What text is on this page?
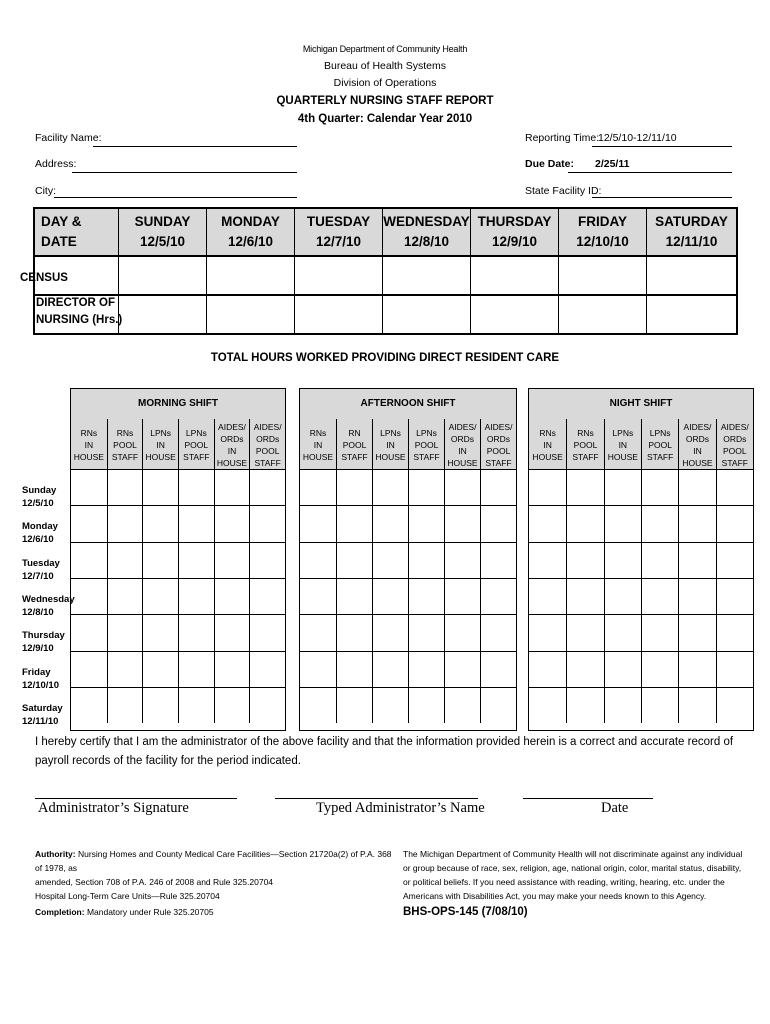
Michigan Department of Community Health
Bureau of Health Systems
Division of Operations
QUARTERLY NURSING STAFF REPORT
4th Quarter: Calendar Year 2010
Facility Name:
Address:
City:
Reporting Time:
12/5/10-12/11/10
Due Date: 2/25/11
State Facility ID:
DAY & DATE
SUNDAY
12/5/10
MONDAY
12/6/10
TUESDAY
12/7/10
WEDNESDAY
12/8/10
THURSDAY
12/9/10
FRIDAY
12/10/10
SATURDAY
12/11/10
CENSUS
DIRECTOR OF
NURSING (Hrs.)
TOTAL HOURS WORKED PROVIDING DIRECT RESIDENT CARE
MORNING SHIFT
RNs
IN
HOUSE
RNs
POOL
STAFF
LPNs
IN
HOUSE
LPNs
POOL
STAFF
AIDES/
ORDs
IN
HOUSE
AIDES/
ORDs
POOL
STAFF
AFTERNOON SHIFT
RNs
IN
HOUSE
RN
POOL
STAFF
LPNs
IN
HOUSE
LPNs
POOL
STAFF
AIDES/
ORDs
IN
HOUSE
AIDES/
ORDs
POOL
STAFF
NIGHT SHIFT
RNs
IN
HOUSE
RNs
POOL
STAFF
LPNs
IN
HOUSE
LPNs
POOL
STAFF
AIDES/
ORDs
IN
HOUSE
AIDES/
ORDs
POOL
STAFF
Sunday
12/5/10
Monday
12/6/10
Tuesday
12/7/10
Wednesday
12/8/10
Thursday
12/9/10
Friday
12/10/10
Saturday
12/11/10
I hereby certify that I am the administrator of the above facility and that the information provided herein is a correct and accurate record of payroll records of the facility for the period indicated.
Administrator’s Signature	Typed Administrator’s Name	Date
Authority: Nursing Homes and County Medical Care Facilities—Section 21720a(2) of P.A. 368 of 1978, as
amended, Section 708 of P.A. 246 of 2008 and Rule 325.20704
Hospital Long-Term Care Units—Rule 325.20704
Completion: Mandatory under Rule 325.20705
The Michigan Department of Community Health will not discriminate against any individual
or group because of race, sex, religion, age, national origin, color, marital status, disability,
or political beliefs. If you need assistance with reading, writing, hearing, etc. under the
Americans with Disabilities Act, you may make your needs known to this Agency.
BHS-OPS-145 (7/08/10)
